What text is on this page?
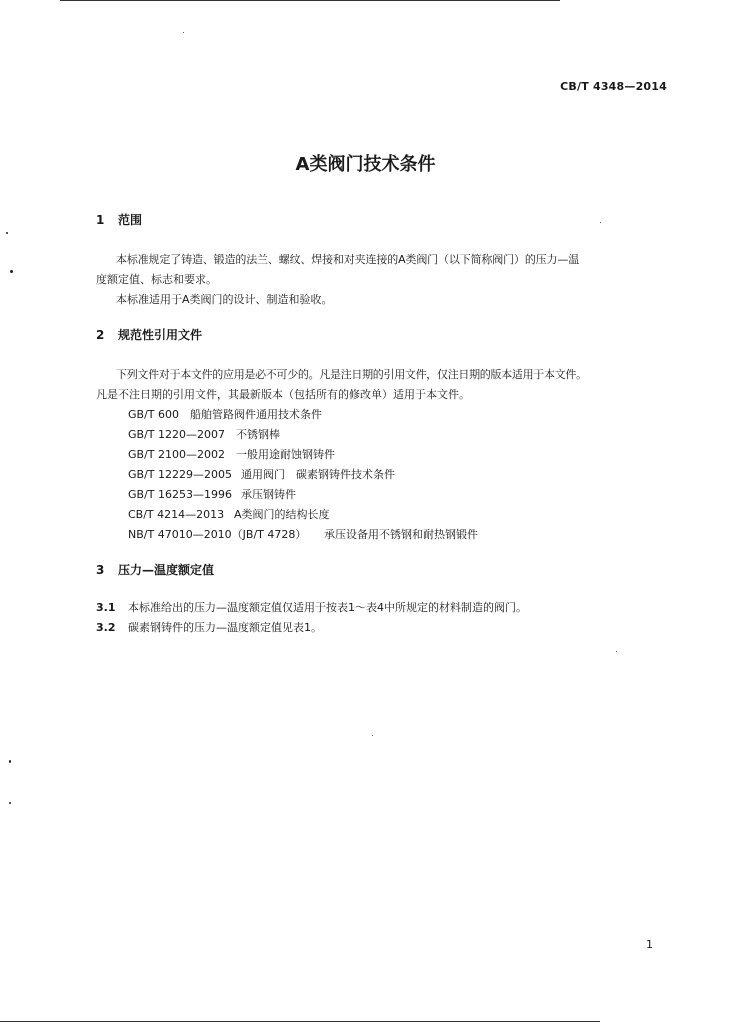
CB/T 4348—2014
A类阀门技术条件
1 范围
本标准规定了铸造、锻造的法兰、螺纹、焊接和对夹连接的A类阀门（以下简称阀门）的压力—温
度额定值、标志和要求。
本标准适用于A类阀门的设计、制造和验收。
2 规范性引用文件
下列文件对于本文件的应用是必不可少的。凡是注日期的引用文件，仅注日期的版本适用于本文件。
凡是不注日期的引用文件，其最新版本（包括所有的修改单）适用于本文件。
GB/T 600 船舶管路阀件通用技术条件
GB/T 1220—2007 不锈钢棒
GB/T 2100—2002 一般用途耐蚀钢铸件
GB/T 12229—2005 通用阀门　碳素钢铸件技术条件
GB/T 16253—1996 承压钢铸件
CB/T 4214—2013 A类阀门的结构长度
NB/T 47010—2010（JB/T 4728） 承压设备用不锈钢和耐热钢锻件
3 压力—温度额定值
3.1 本标准给出的压力—温度额定值仅适用于按表1～表4中所规定的材料制造的阀门。
3.2 碳素钢铸件的压力—温度额定值见表1。
1
